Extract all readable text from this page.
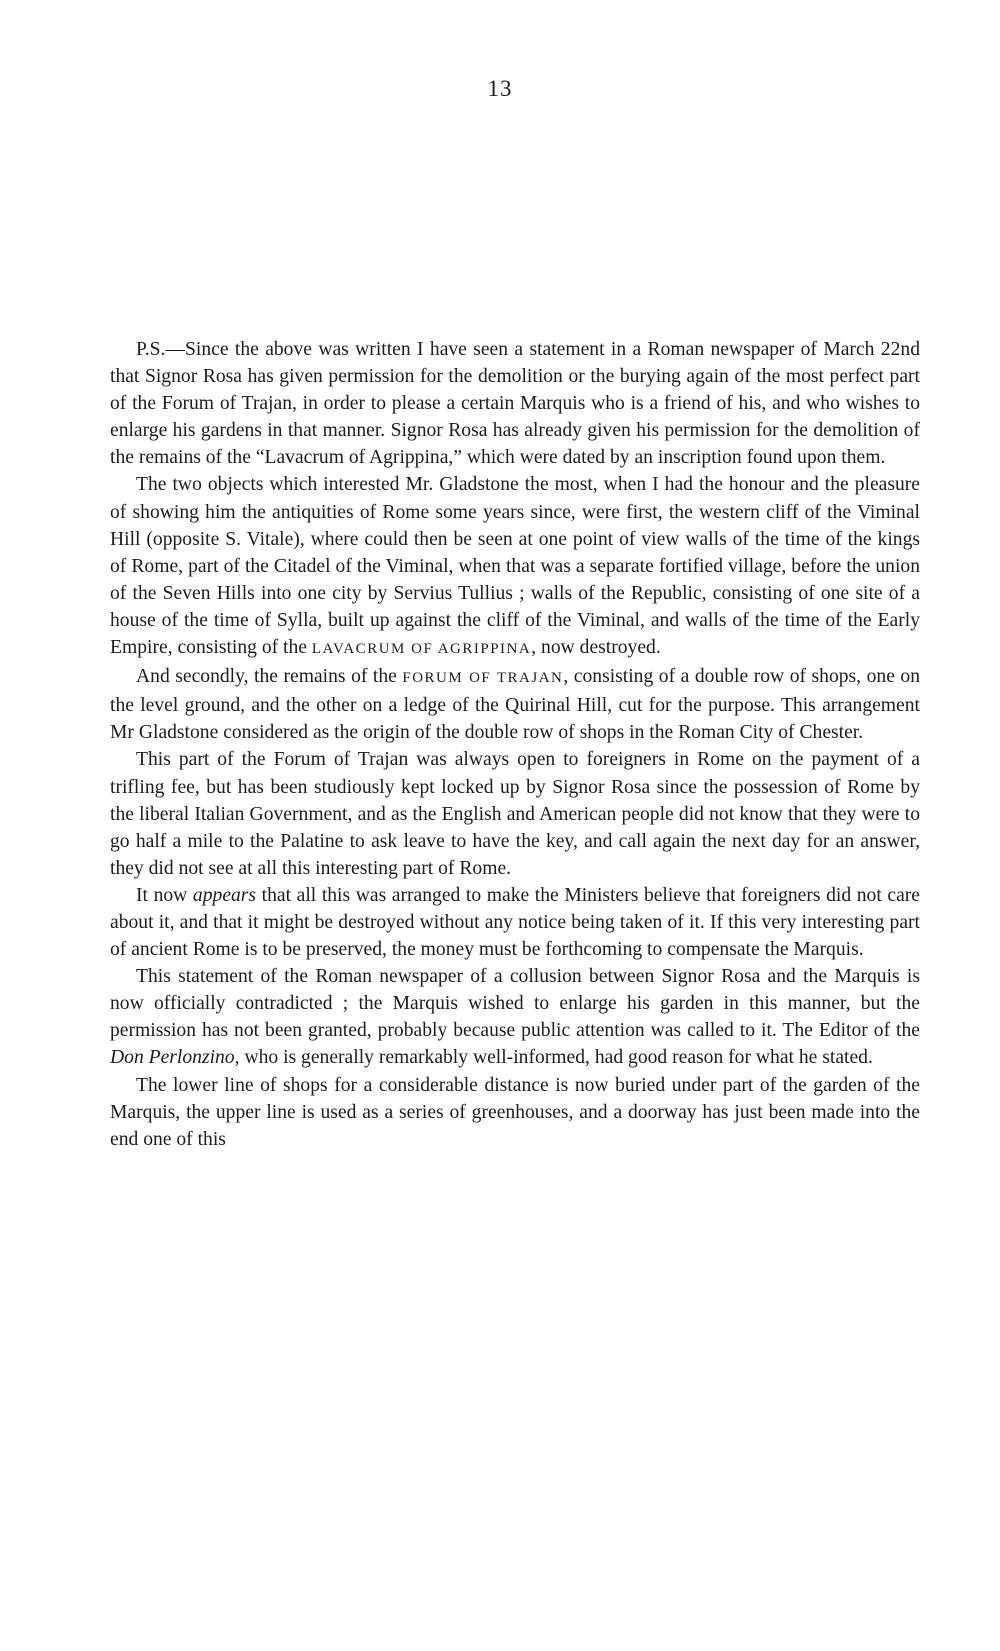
13

P.S.—Since the above was written I have seen a statement in a Roman newspaper of March 22nd that Signor Rosa has given permission for the demolition or the burying again of the most perfect part of the Forum of Trajan, in order to please a certain Marquis who is a friend of his, and who wishes to enlarge his gardens in that manner. Signor Rosa has already given his permission for the demolition of the remains of the “Lavacrum of Agrippina,” which were dated by an inscription found upon them.

The two objects which interested Mr. Gladstone the most, when I had the honour and the pleasure of showing him the antiquities of Rome some years since, were first, the western cliff of the Viminal Hill (opposite S. Vitale), where could then be seen at one point of view walls of the time of the kings of Rome, part of the Citadel of the Viminal, when that was a separate fortified village, before the union of the Seven Hills into one city by Servius Tullius ; walls of the Republic, consisting of one site of a house of the time of Sylla, built up against the cliff of the Viminal, and walls of the time of the Early Empire, consisting of the LAVACRUM OF AGRIPPINA, now destroyed.

And secondly, the remains of the FORUM OF TRAJAN, consisting of a double row of shops, one on the level ground, and the other on a ledge of the Quirinal Hill, cut for the purpose. This arrangement Mr Gladstone considered as the origin of the double row of shops in the Roman City of Chester.

This part of the Forum of Trajan was always open to foreigners in Rome on the payment of a trifling fee, but has been studiously kept locked up by Signor Rosa since the possession of Rome by the liberal Italian Government, and as the English and American people did not know that they were to go half a mile to the Palatine to ask leave to have the key, and call again the next day for an answer, they did not see at all this interesting part of Rome.

It now appears that all this was arranged to make the Ministers believe that foreigners did not care about it, and that it might be destroyed without any notice being taken of it. If this very interesting part of ancient Rome is to be preserved, the money must be forthcoming to compensate the Marquis.

This statement of the Roman newspaper of a collusion between Signor Rosa and the Marquis is now officially contradicted ; the Marquis wished to enlarge his garden in this manner, but the permission has not been granted, probably because public attention was called to it. The Editor of the Don Perlonzino, who is generally remarkably well-informed, had good reason for what he stated.

The lower line of shops for a considerable distance is now buried under part of the garden of the Marquis, the upper line is used as a series of greenhouses, and a doorway has just been made into the end one of this
